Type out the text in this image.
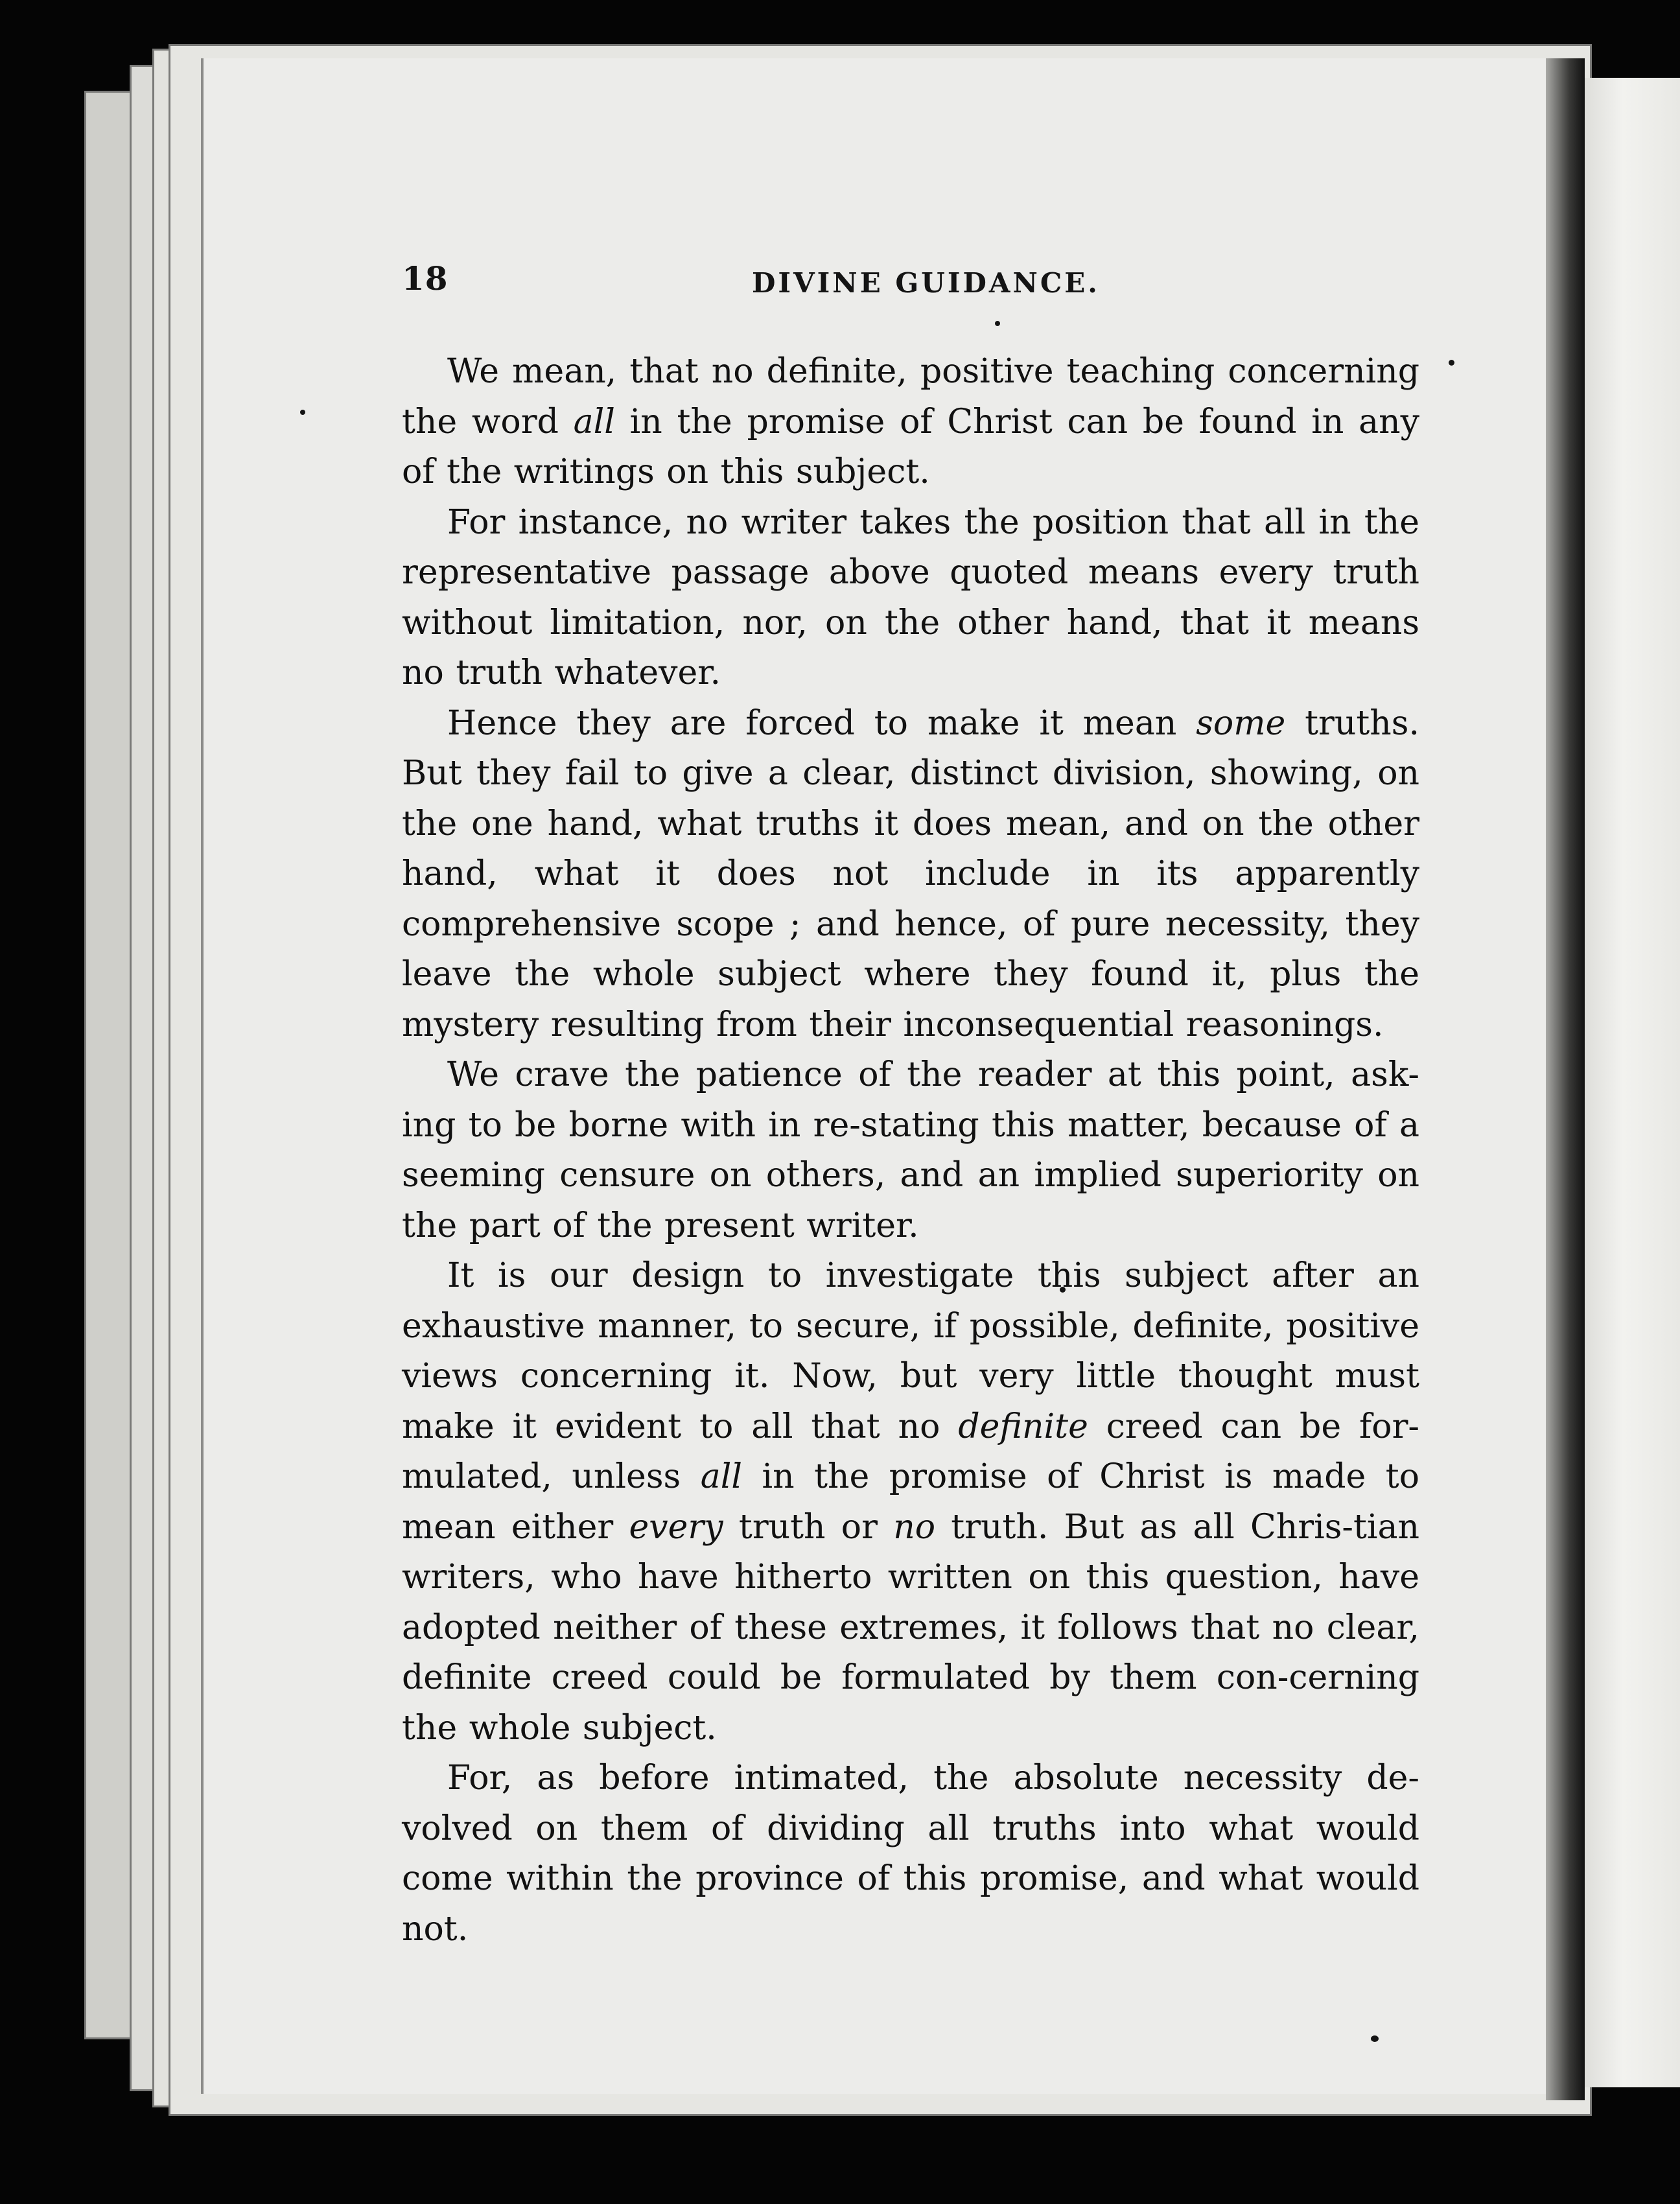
18	DIVINE GUIDANCE.

We mean, that no definite, positive teaching concerning the word all in the promise of Christ can be found in any of the writings on this subject.

For instance, no writer takes the position that all in the representative passage above quoted means every truth without limitation, nor, on the other hand, that it means no truth whatever.

Hence they are forced to make it mean some truths. But they fail to give a clear, distinct division, showing, on the one hand, what truths it does mean, and on the other hand, what it does not include in its apparently comprehensive scope ; and hence, of pure necessity, they leave the whole subject where they found it, plus the mystery resulting from their inconsequential reasonings.

We crave the patience of the reader at this point, ask-ing to be borne with in re-stating this matter, because of a seeming censure on others, and an implied superiority on the part of the present writer.

It is our design to investigate this subject after an exhaustive manner, to secure, if possible, definite, positive views concerning it. Now, but very little thought must make it evident to all that no definite creed can be for-mulated, unless all in the promise of Christ is made to mean either every truth or no truth. But as all Chris-tian writers, who have hitherto written on this question, have adopted neither of these extremes, it follows that no clear, definite creed could be formulated by them con-cerning the whole subject.

For, as before intimated, the absolute necessity de-volved on them of dividing all truths into what would come within the province of this promise, and what would not.
